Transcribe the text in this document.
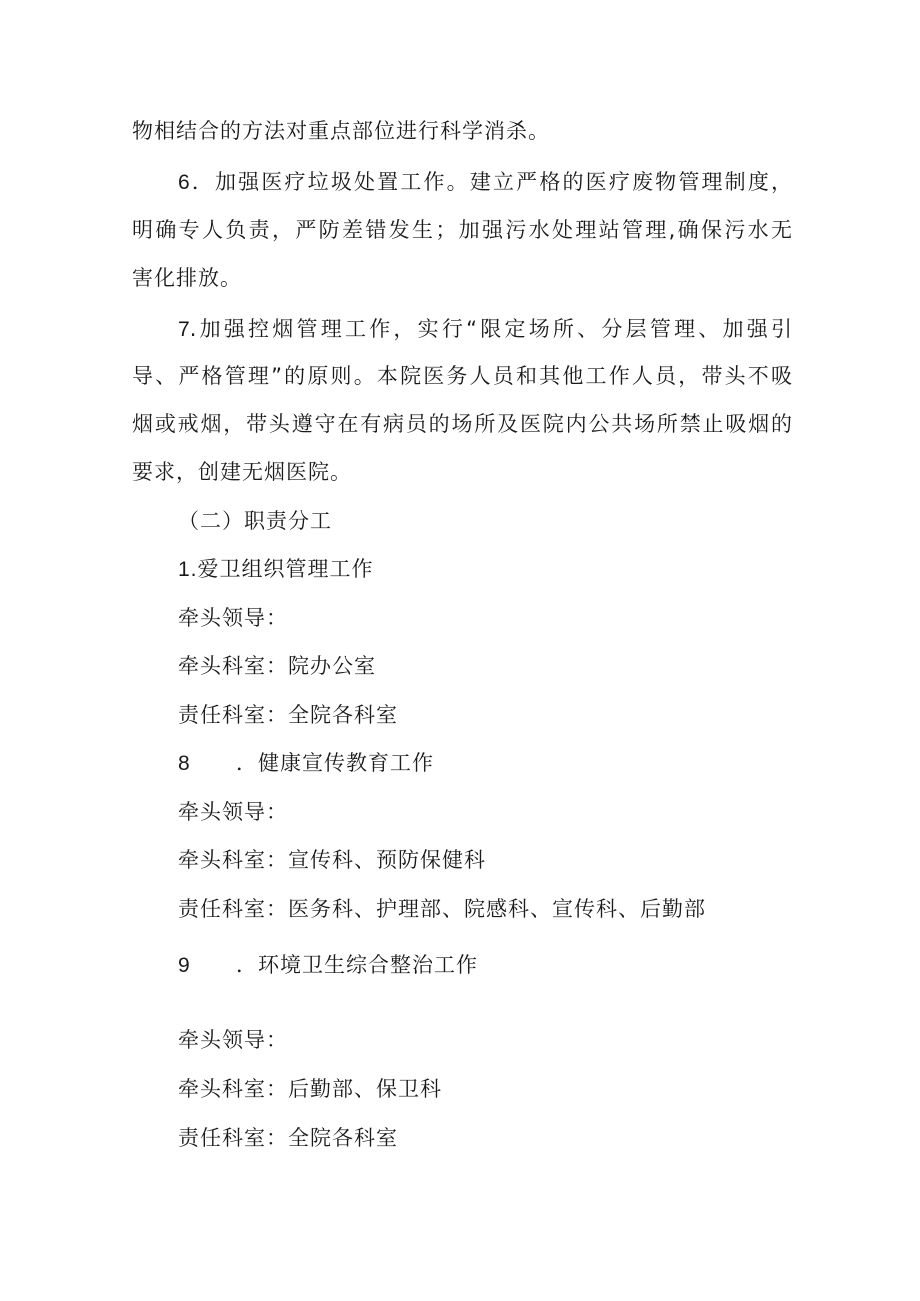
物相结合的方法对重点部位进行科学消杀。
6．加强医疗垃圾处置工作。建立严格的医疗废物管理制度，
明确专人负责，严防差错发生；加强污水处理站管理,确保污水无
害化排放。
7.加强控烟管理工作，实行“限定场所、分层管理、加强引
导、严格管理”的原则。本院医务人员和其他工作人员，带头不吸
烟或戒烟，带头遵守在有病员的场所及医院内公共场所禁止吸烟的
要求，创建无烟医院。
（二）职责分工
1.爱卫组织管理工作
牵头领导：
牵头科室：院办公室
责任科室：全院各科室
8 ．健康宣传教育工作
牵头领导：
牵头科室：宣传科、预防保健科
责任科室：医务科、护理部、院感科、宣传科、后勤部
9 ．环境卫生综合整治工作
牵头领导：
牵头科室：后勤部、保卫科
责任科室：全院各科室
